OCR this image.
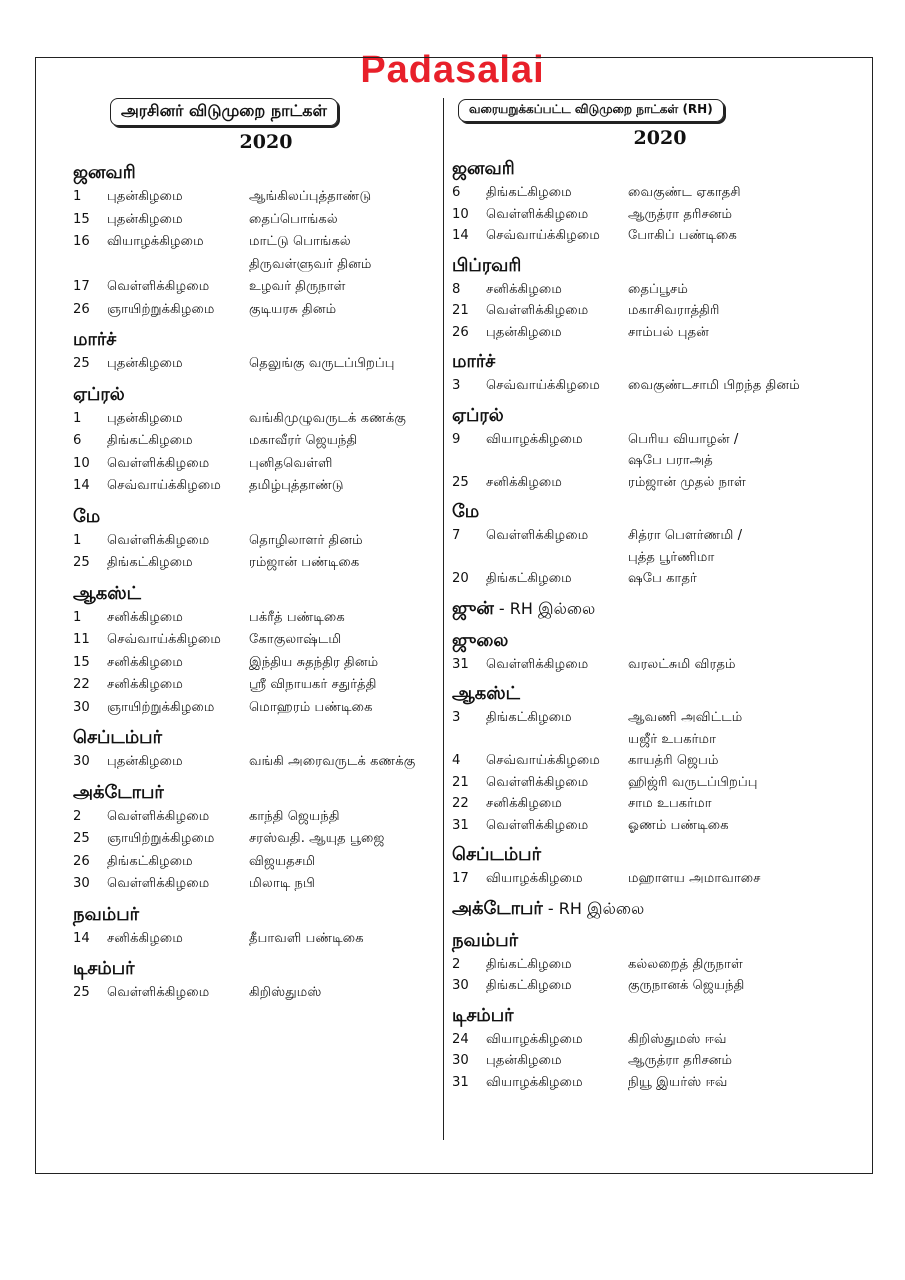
Padasalai
அரசினர் விடுமுறை நாட்கள்
2020
ஜனவரி
1	புதன்கிழமை	ஆங்கிலப்புத்தாண்டு
15	புதன்கிழமை	தைப்பொங்கல்
16	வியாழக்கிழமை	மாட்டு பொங்கல்
திருவள்ளுவர் தினம்
17	வெள்ளிக்கிழமை	உழவர் திருநாள்
26	ஞாயிற்றுக்கிழமை	குடியரசு தினம்
மார்ச்
25	புதன்கிழமை	தெலுங்கு வருடப்பிறப்பு
ஏப்ரல்
1	புதன்கிழமை	வங்கிமுழுவருடக் கணக்கு
6	திங்கட்கிழமை	மகாவீரர் ஜெயந்தி
10	வெள்ளிக்கிழமை	புனிதவெள்ளி
14	செவ்வாய்க்கிழமை	தமிழ்புத்தாண்டு
மே
1	வெள்ளிக்கிழமை	தொழிலாளர் தினம்
25	திங்கட்கிழமை	ரம்ஜான் பண்டிகை
ஆகஸ்ட்
1	சனிக்கிழமை	பக்ரீத் பண்டிகை
11	செவ்வாய்க்கிழமை	கோகுலாஷ்டமி
15	சனிக்கிழமை	இந்திய சுதந்திர தினம்
22	சனிக்கிழமை	ஸ்ரீ விநாயகர் சதுர்த்தி
30	ஞாயிற்றுக்கிழமை	மொஹரம் பண்டிகை
செப்டம்பர்
30	புதன்கிழமை	வங்கி அரைவருடக் கணக்கு
அக்டோபர்
2	வெள்ளிக்கிழமை	காந்தி ஜெயந்தி
25	ஞாயிற்றுக்கிழமை	சரஸ்வதி. ஆயுத பூஜை
26	திங்கட்கிழமை	விஜயதசமி
30	வெள்ளிக்கிழமை	மிலாடி நபி
நவம்பர்
14	சனிக்கிழமை	தீபாவளி பண்டிகை
டிசம்பர்
25	வெள்ளிக்கிழமை	கிறிஸ்துமஸ்
வரையறுக்கப்பட்ட விடுமுறை நாட்கள் (RH)
2020
ஜனவரி
6	திங்கட்கிழமை	வைகுண்ட ஏகாதசி
10	வெள்ளிக்கிழமை	ஆருத்ரா தரிசனம்
14	செவ்வாய்க்கிழமை	போகிப் பண்டிகை
பிப்ரவரி
8	சனிக்கிழமை	தைப்பூசம்
21	வெள்ளிக்கிழமை	மகாசிவராத்திரி
26	புதன்கிழமை	சாம்பல் புதன்
மார்ச்
3	செவ்வாய்க்கிழமை	வைகுண்டசாமி பிறந்த தினம்
ஏப்ரல்
9	வியாழக்கிழமை	பெரிய வியாழன் /
ஷபே பராஅத்
25	சனிக்கிழமை	ரம்ஜான் முதல் நாள்
மே
7	வெள்ளிக்கிழமை	சித்ரா பௌர்ணமி /
புத்த பூர்ணிமா
20	திங்கட்கிழமை	ஷபே காதர்
ஜுன் - RH இல்லை
ஜுலை
31	வெள்ளிக்கிழமை	வரலட்சுமி விரதம்
ஆகஸ்ட்
3	திங்கட்கிழமை	ஆவணி அவிட்டம்
யஜீர் உபகர்மா
4	செவ்வாய்க்கிழமை	காயத்ரி ஜெபம்
21	வெள்ளிக்கிழமை	ஹிஜ்ரி வருடப்பிறப்பு
22	சனிக்கிழமை	சாம உபகர்மா
31	வெள்ளிக்கிழமை	ஓணம் பண்டிகை
செப்டம்பர்
17	வியாழக்கிழமை	மஹாளய அமாவாசை
அக்டோபர் - RH இல்லை
நவம்பர்
2	திங்கட்கிழமை	கல்லறைத் திருநாள்
30	திங்கட்கிழமை	குருநானக் ஜெயந்தி
டிசம்பர்
24	வியாழக்கிழமை	கிறிஸ்துமஸ் ஈவ்
30	புதன்கிழமை	ஆருத்ரா தரிசனம்
31	வியாழக்கிழமை	நியூ இயர்ஸ் ஈவ்
